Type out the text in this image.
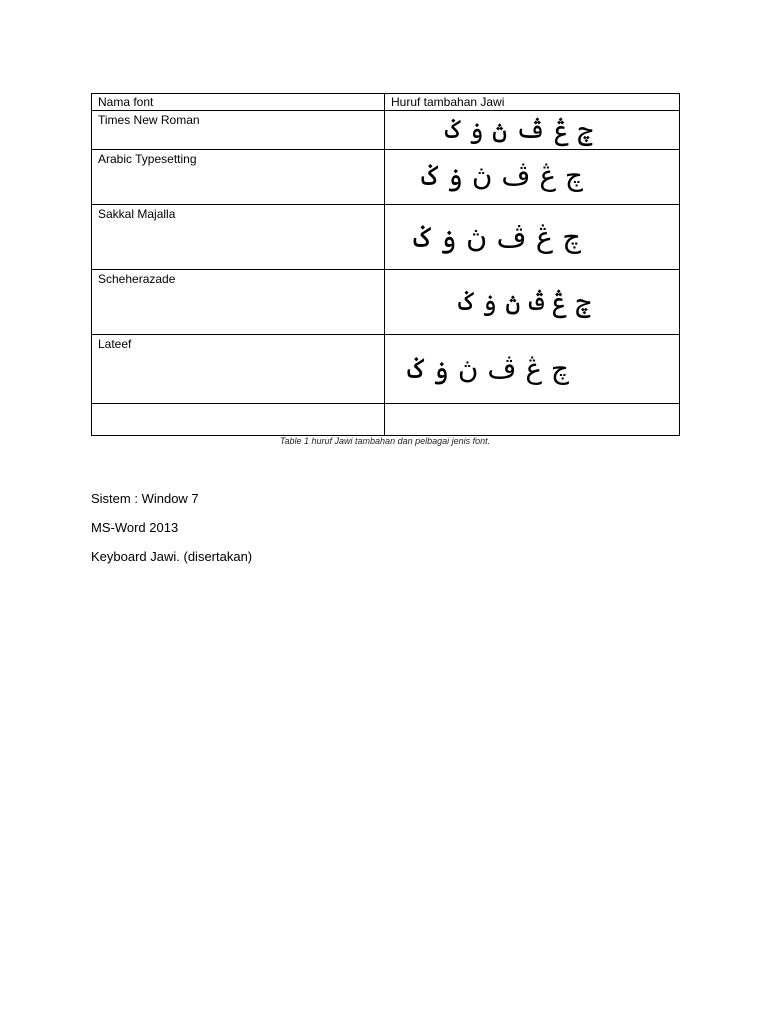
Nama font	Huruf tambahan Jawi

Times New Roman	چ ڠ ڤ ڽ ۏ ݢ

Arabic Typesetting	چ ڠ ڤ ڽ ۏ ݢ

Sakkal Majalla	چ ڠ ڤ ڽ ۏ ݢ

Scheherazade	چ ڠ ڤ ڽ ۏ ݢ

Lateef	چ ڠ ڤ ڽ ۏ ݢ

Table 1 huruf Jawi tambahan dan pelbagai jenis font.
Sistem : Window 7
MS-Word 2013
Keyboard Jawi. (disertakan)
